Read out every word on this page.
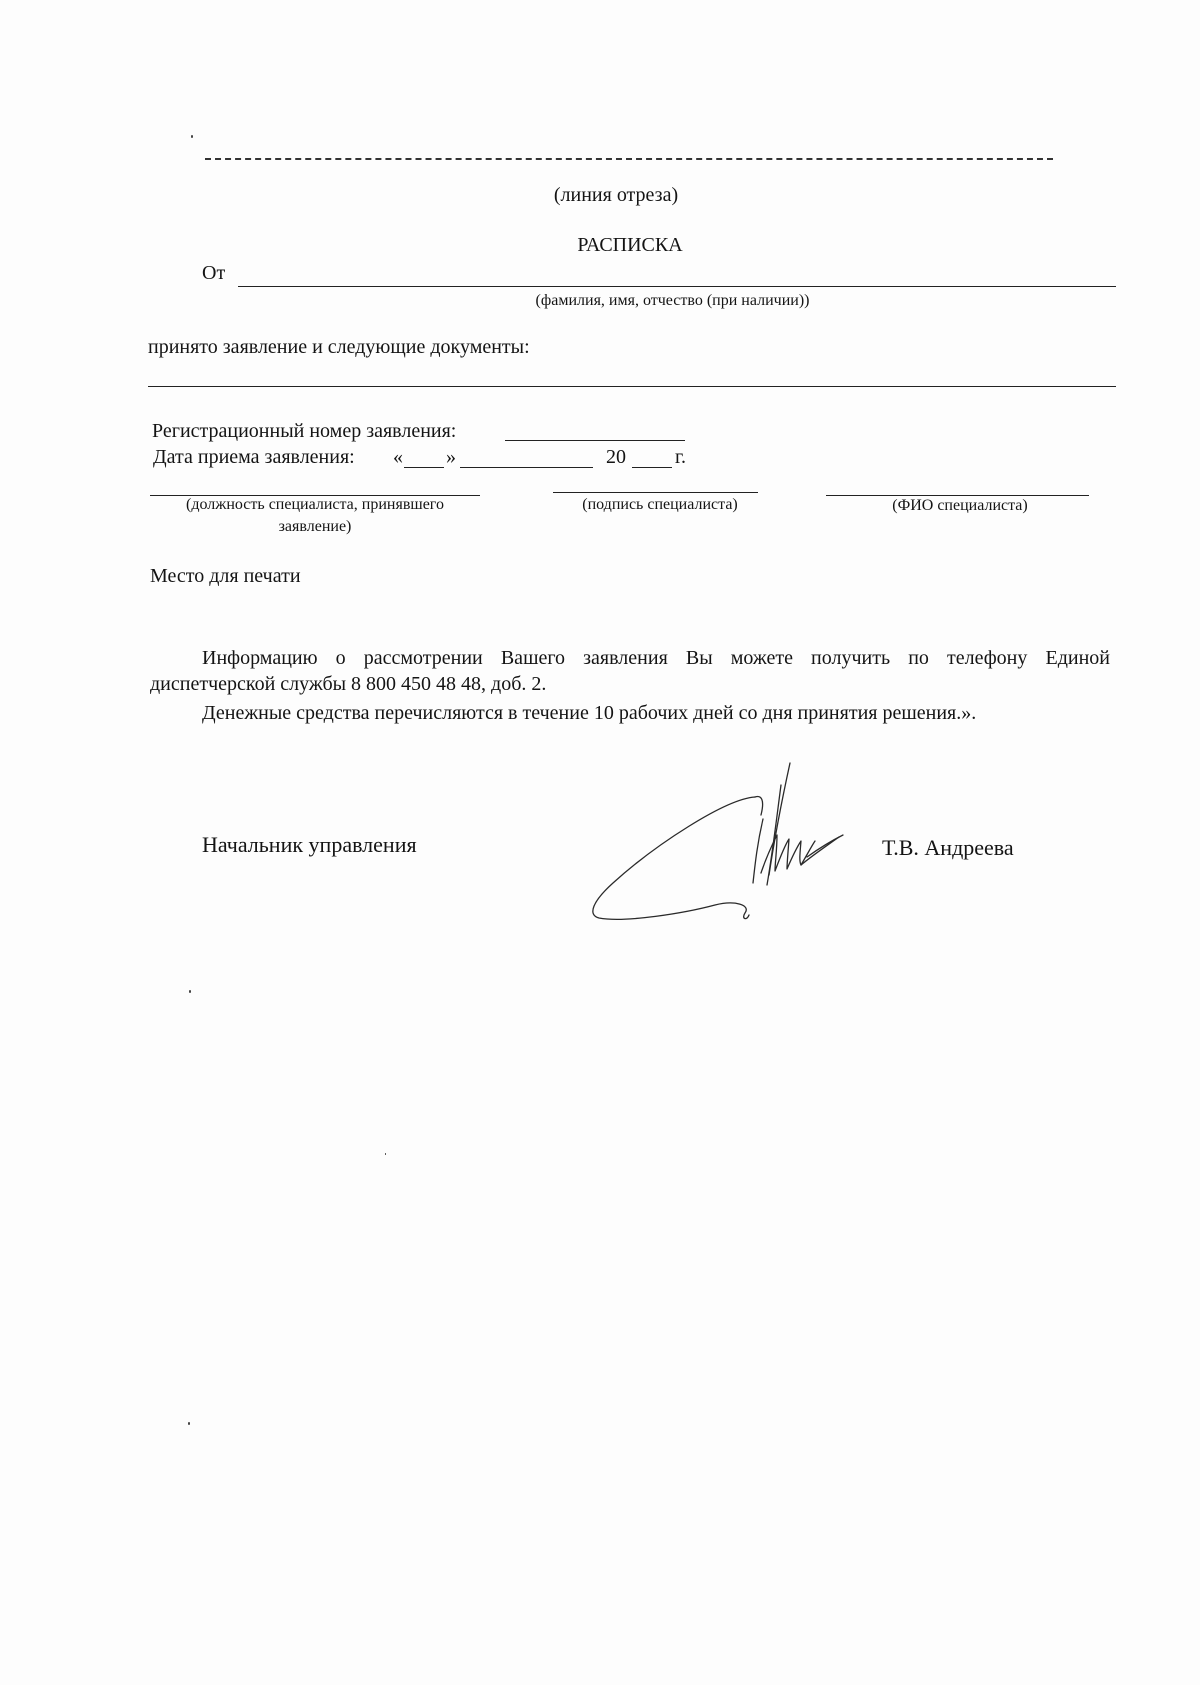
(линия отреза)
РАСПИСКА
От
(фамилия, имя, отчество (при наличии))
принято заявление и следующие документы:
Регистрационный номер заявления:
Дата приема заявления: « »	20 г.
(должность специалиста, принявшего
заявление)
(подпись специалиста)	(ФИО специалиста)
Место для печати
Информацию о рассмотрении Вашего заявления Вы можете получить по телефону Единой
диспетчерской службы 8 800 450 48 48, доб. 2.
Денежные средства перечисляются в течение 10 рабочих дней со дня принятия решения.».
Начальник управления	Т.В. Андреева
